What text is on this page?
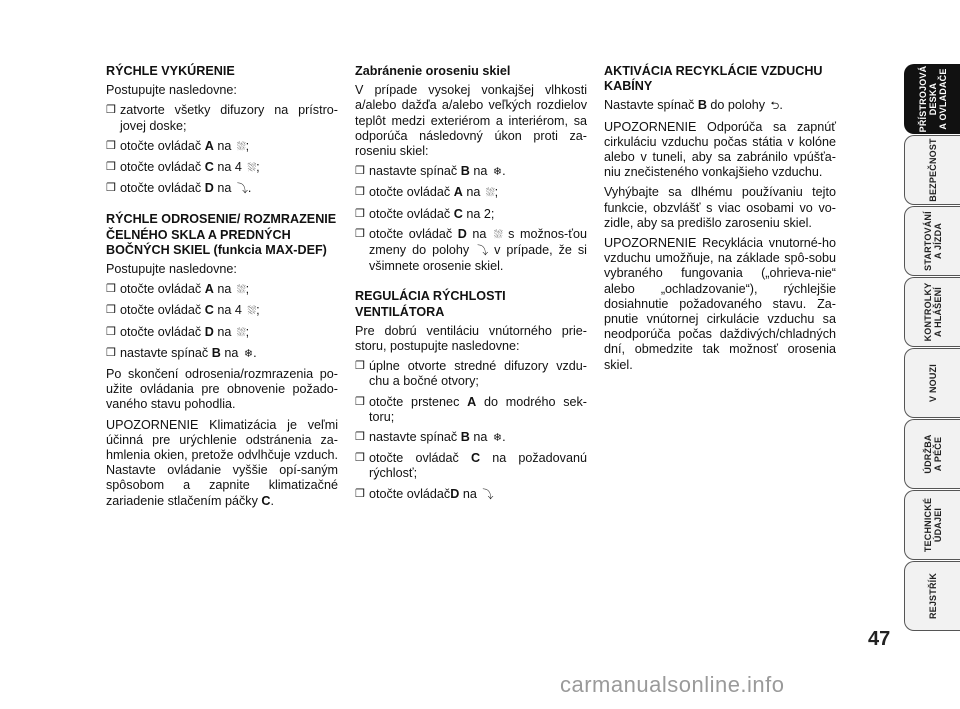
RÝCHLE VYKÚRENIE

Postupujte nasledovne:

❒ zatvorte všetky difuzory na prístro-jovej doske;
❒ otočte ovládač A na ⛆;
❒ otočte ovládač C na 4 ⛆;
❒ otočte ovládač D na ⤵.
RÝCHLE ODROSENIE/ ROZMRAZENIE ČELNÉHO SKLA A PREDNÝCH BOČNÝCH SKIEL (funkcia MAX-DEF)

Postupujte nasledovne:

❒ otočte ovládač A na ⛆;
❒ otočte ovládač C na 4 ⛆;
❒ otočte ovládač D na ⛆;
❒ nastavte spínač B na ❄.

Po skončení odrosenia/rozmrazenia po-užite ovládania pre obnovenie požado-vaného stavu pohodlia.

UPOZORNENIE Klimatizácia je veľmi účinná pre urýchlenie odstránenia za-hmlenia okien, pretože odvlhčuje vzduch. Nastavte ovládanie vyššie opí-saným spôsobom a zapnite klimatizačné zariadenie stlačením páčky C.

Zabránenie oroseniu skiel

V prípade vysokej vonkajšej vlhkosti a/alebo dažďa a/alebo veľkých rozdielov teplôt medzi exteriérom a interiérom, sa odporúča následovný úkon proti za-roseniu skiel:

❒ nastavte spínač B na ❄.
❒ otočte ovládač A na ⛆;
❒ otočte ovládač C na 2;
❒ otočte ovládač D na ⛆ s možnos-ťou zmeny do polohy ⤵ v prípade, že si všimnete orosenie skiel.
REGULÁCIA RÝCHLOSTI VENTILÁTORA

Pre dobrú ventiláciu vnútorného prie-storu, postupujte nasledovne:

❒ úplne otvorte stredné difuzory vzdu-chu a bočné otvory;
❒ otočte prstenec A do modrého sek-toru;
❒ nastavte spínač B na ❄.
❒ otočte ovládač C na požadovanú rýchlosť;
❒ otočte ovládačD na ⤵
AKTIVÁCIA RECYKLÁCIE VZDUCHU KABÍNY

Nastavte spínač B do polohy ⮌.

UPOZORNENIE Odporúča sa zapnúť cirkuláciu vzduchu počas státia v kolóne alebo v tuneli, aby sa zabránilo vpúšťa-niu znečisteného vonkajšieho vzduchu.

Vyhýbajte sa dlhému používaniu tejto funkcie, obzvlášť s viac osobami vo vo-zidle, aby sa predišlo zaroseniu skiel.

UPOZORNENIE Recyklácia vnutorné-ho vzduchu umožňuje, na základe spô-sobu vybraného fungovania („ohrieva-nie“ alebo „ochladzovanie“), rýchlejšie dosiahnutie požadovaného stavu. Za-pnutie vnútornej cirkulácie vzduchu sa neodporúča počas daždivých/chladných dní, obmedzite tak možnosť orosenia skiel.

PŘÍSTROJOVÁ
DESKA
A OVLADAČE
BEZPEČNOST
STARTOVÁNÍ
A JÍZDA
KONTROLKY
A HLÁŠENÍ
V NOUZI
ÚDRŽBA
A PÉČE
TECHNICKÉ
ÚDAJEI
REJSTŘÍK
47
carmanualsonline.info
